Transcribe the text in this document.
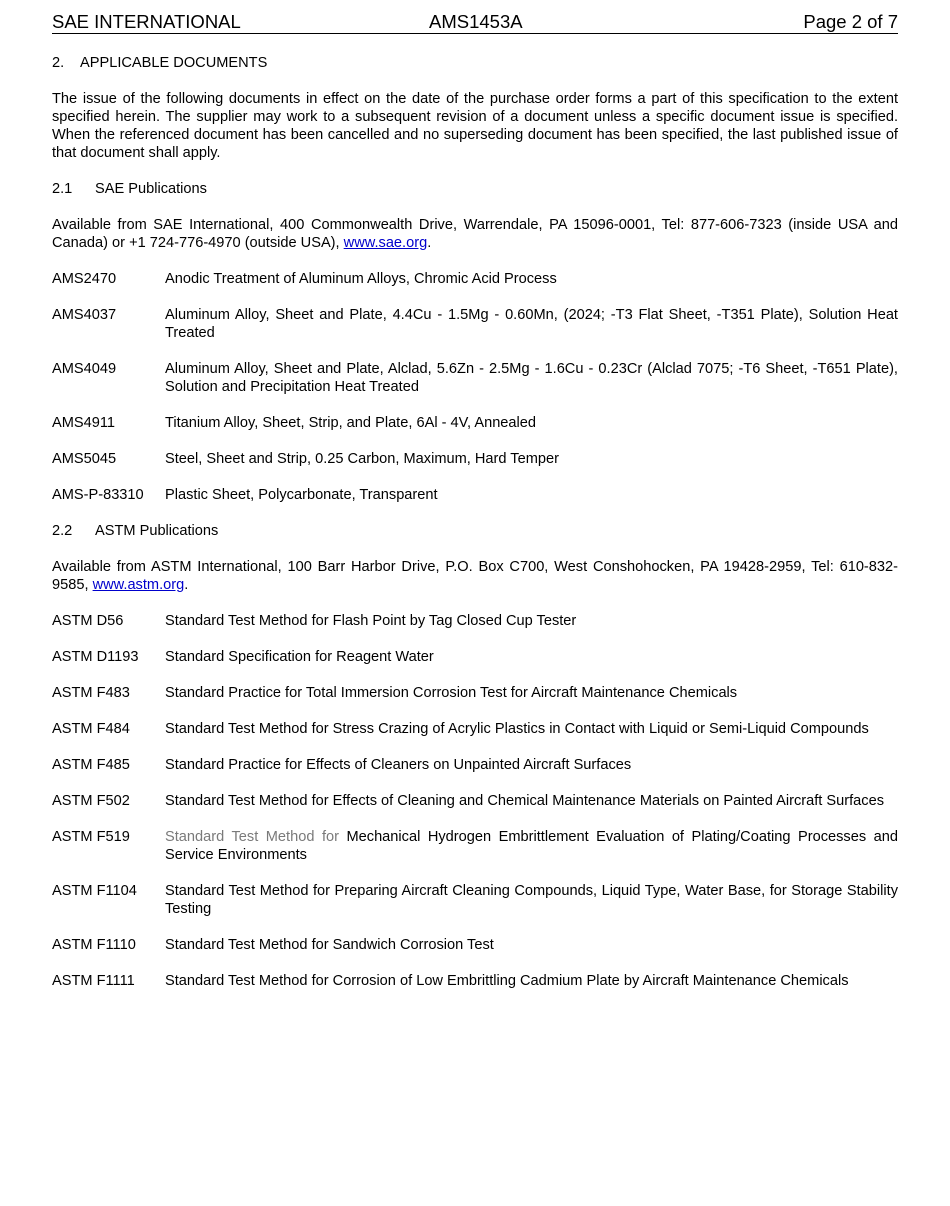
SAE INTERNATIONAL	AMS1453A	Page 2 of 7
2. APPLICABLE DOCUMENTS

The issue of the following documents in effect on the date of the purchase order forms a part of this specification to the extent specified herein. The supplier may work to a subsequent revision of a document unless a specific document issue is specified. When the referenced document has been cancelled and no superseding document has been specified, the last published issue of that document shall apply.

2.1 SAE Publications

Available from SAE International, 400 Commonwealth Drive, Warrendale, PA 15096-0001, Tel: 877-606-7323 (inside USA and Canada) or +1 724-776-4970 (outside USA), www.sae.org.

AMS2470	Anodic Treatment of Aluminum Alloys, Chromic Acid Process
AMS4037	Aluminum Alloy, Sheet and Plate, 4.4Cu - 1.5Mg - 0.60Mn, (2024; -T3 Flat Sheet, -T351 Plate), Solution Heat Treated
AMS4049	Aluminum Alloy, Sheet and Plate, Alclad, 5.6Zn - 2.5Mg - 1.6Cu - 0.23Cr (Alclad 7075; -T6 Sheet, -T651 Plate), Solution and Precipitation Heat Treated
AMS4911	Titanium Alloy, Sheet, Strip, and Plate, 6Al - 4V, Annealed
AMS5045	Steel, Sheet and Strip, 0.25 Carbon, Maximum, Hard Temper
AMS-P-83310	Plastic Sheet, Polycarbonate, Transparent
2.2 ASTM Publications

Available from ASTM International, 100 Barr Harbor Drive, P.O. Box C700, West Conshohocken, PA 19428-2959, Tel: 610-832-9585, www.astm.org.

ASTM D56	Standard Test Method for Flash Point by Tag Closed Cup Tester
ASTM D1193	Standard Specification for Reagent Water
ASTM F483	Standard Practice for Total Immersion Corrosion Test for Aircraft Maintenance Chemicals
ASTM F484	Standard Test Method for Stress Crazing of Acrylic Plastics in Contact with Liquid or Semi-Liquid Compounds
ASTM F485	Standard Practice for Effects of Cleaners on Unpainted Aircraft Surfaces
ASTM F502	Standard Test Method for Effects of Cleaning and Chemical Maintenance Materials on Painted Aircraft Surfaces
ASTM F519	Standard Test Method for Mechanical Hydrogen Embrittlement Evaluation of Plating/Coating Processes and Service Environments
ASTM F1104	Standard Test Method for Preparing Aircraft Cleaning Compounds, Liquid Type, Water Base, for Storage Stability Testing
ASTM F1110	Standard Test Method for Sandwich Corrosion Test
ASTM F1111	Standard Test Method for Corrosion of Low Embrittling Cadmium Plate by Aircraft Maintenance Chemicals
